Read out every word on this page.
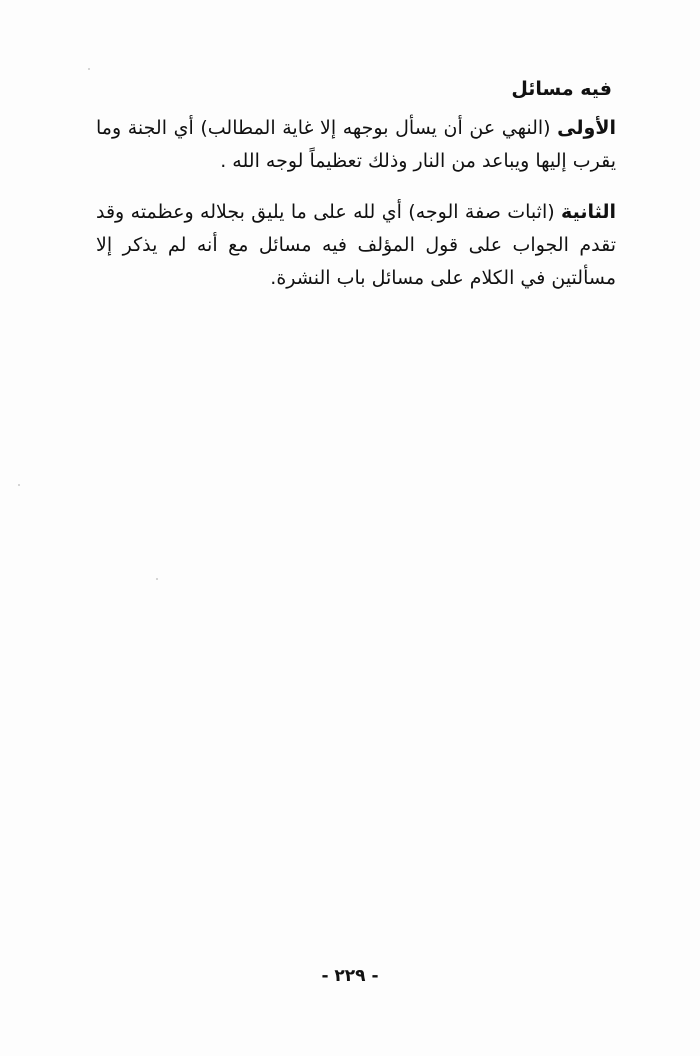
فيه مسائل

الأولى (النهي عن أن يسأل بوجهه إلا غاية المطالب) أي الجنة وما يقرب إليها ويباعد من النار وذلك تعظيماً لوجه الله .

الثانية (اثبات صفة الوجه) أي لله على ما يليق بجلاله وعظمته وقد تقدم الجواب على قول المؤلف فيه مسائل مع أنه لم يذكر إلا مسألتين في الكلام على مسائل باب النشرة.

- ٢٢٩ -
